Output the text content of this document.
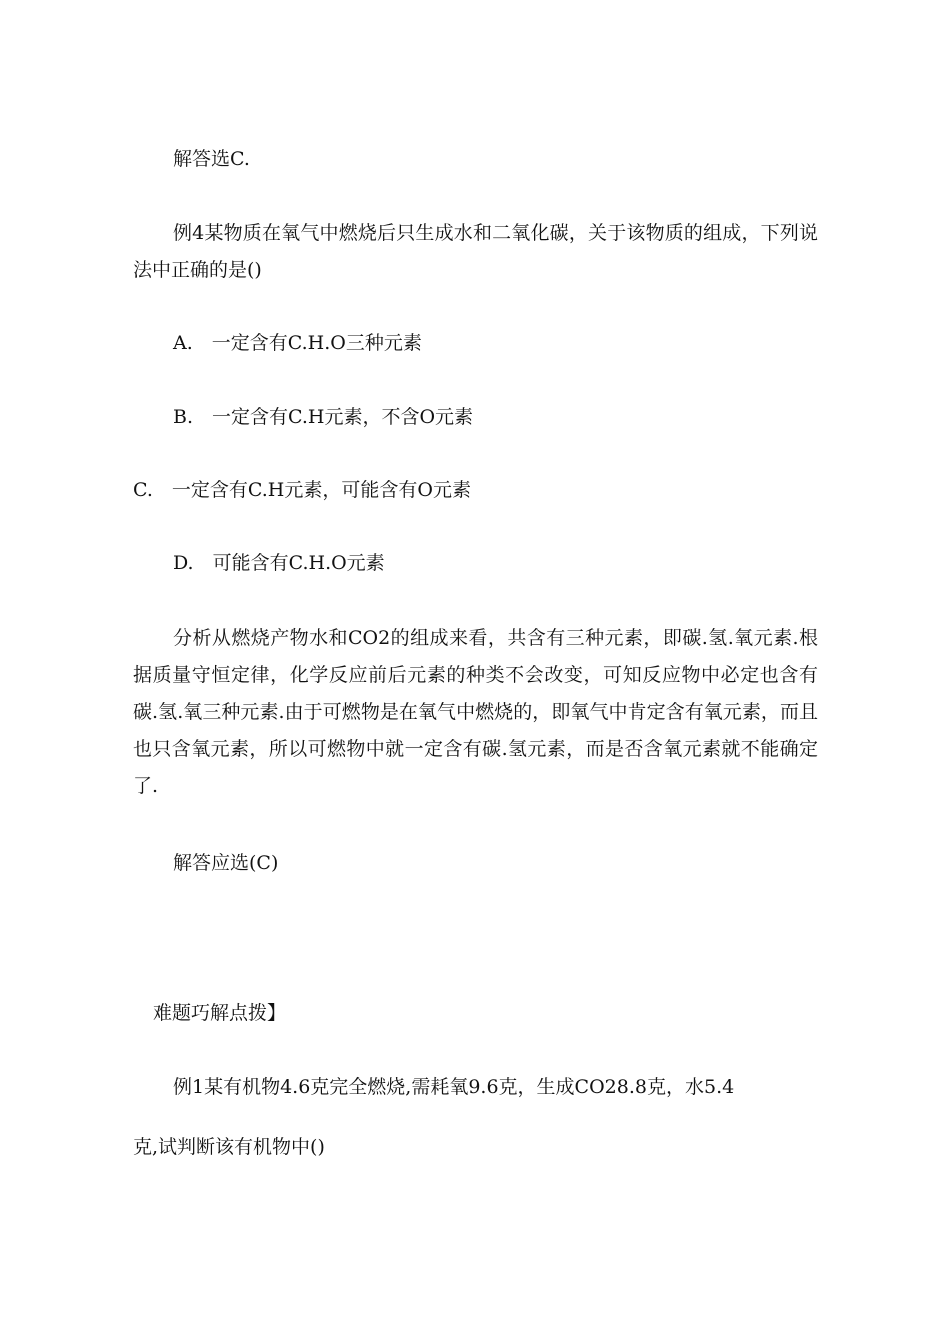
解答选C.
例4某物质在氧气中燃烧后只生成水和二氧化碳，关于该物质的组成，下列说法中正确的是()
A.　一定含有C.H.O三种元素
B.　一定含有C.H元素，不含O元素
C.　一定含有C.H元素，可能含有O元素
D.　可能含有C.H.O元素
分析从燃烧产物水和CO2的组成来看，共含有三种元素，即碳.氢.氧元素.根据质量守恒定律，化学反应前后元素的种类不会改变，可知反应物中必定也含有碳.氢.氧三种元素.由于可燃物是在氧气中燃烧的，即氧气中肯定含有氧元素，而且也只含氧元素，所以可燃物中就一定含有碳.氢元素，而是否含氧元素就不能确定了.
解答应选(C)
难题巧解点拨】
例1某有机物4.6克完全燃烧,需耗氧9.6克，生成CO28.8克，水5.4
克,试判断该有机物中()
